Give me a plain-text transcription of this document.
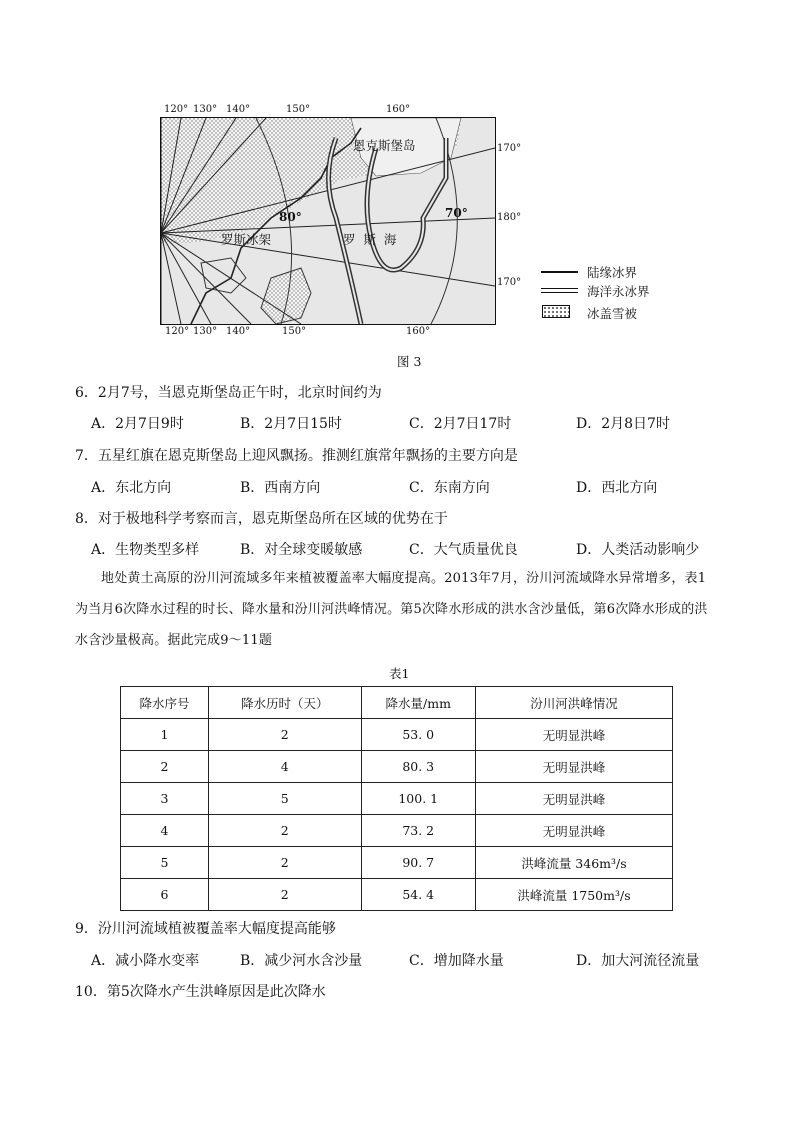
120° 130° 140°	150°	160°
恩克斯堡岛
80°	70°
罗斯冰架	罗  斯  海
170°
180°
170°
120° 130° 140°	150°	160°
陆缘冰界
海洋永冰界
冰盖雪被
图 3
6．2月7号，当恩克斯堡岛正午时，北京时间约为
A．2月7日9时	B．2月7日15时	C．2月7日17时	D．2月8日7时
7．五星红旗在恩克斯堡岛上迎风飘扬。推测红旗常年飘扬的主要方向是
A．东北方向	B．西南方向	C．东南方向	D．西北方向
8．对于极地科学考察而言，恩克斯堡岛所在区域的优势在于
A．生物类型多样	B．对全球变暖敏感	C．大气质量优良	D．人类活动影响少
地处黄土高原的汾川河流域多年来植被覆盖率大幅度提高。2013年7月，汾川河流域降水异常增多，表1为当月6次降水过程的时长、降水量和汾川河洪峰情况。第5次降水形成的洪水含沙量低，第6次降水形成的洪水含沙量极高。据此完成9～11题
表1
降水序号	降水历时（天）	降水量/mm	汾川河洪峰情况
1	2	53. 0	无明显洪峰
2	4	80. 3	无明显洪峰
3	5	100. 1	无明显洪峰
4	2	73. 2	无明显洪峰
5	2	90. 7	洪峰流量 346m³/s
6	2	54. 4	洪峰流量 1750m³/s
9．汾川河流域植被覆盖率大幅度提高能够
A．减小降水变率	B．减少河水含沙量	C．增加降水量	D．加大河流径流量
10．第5次降水产生洪峰原因是此次降水
